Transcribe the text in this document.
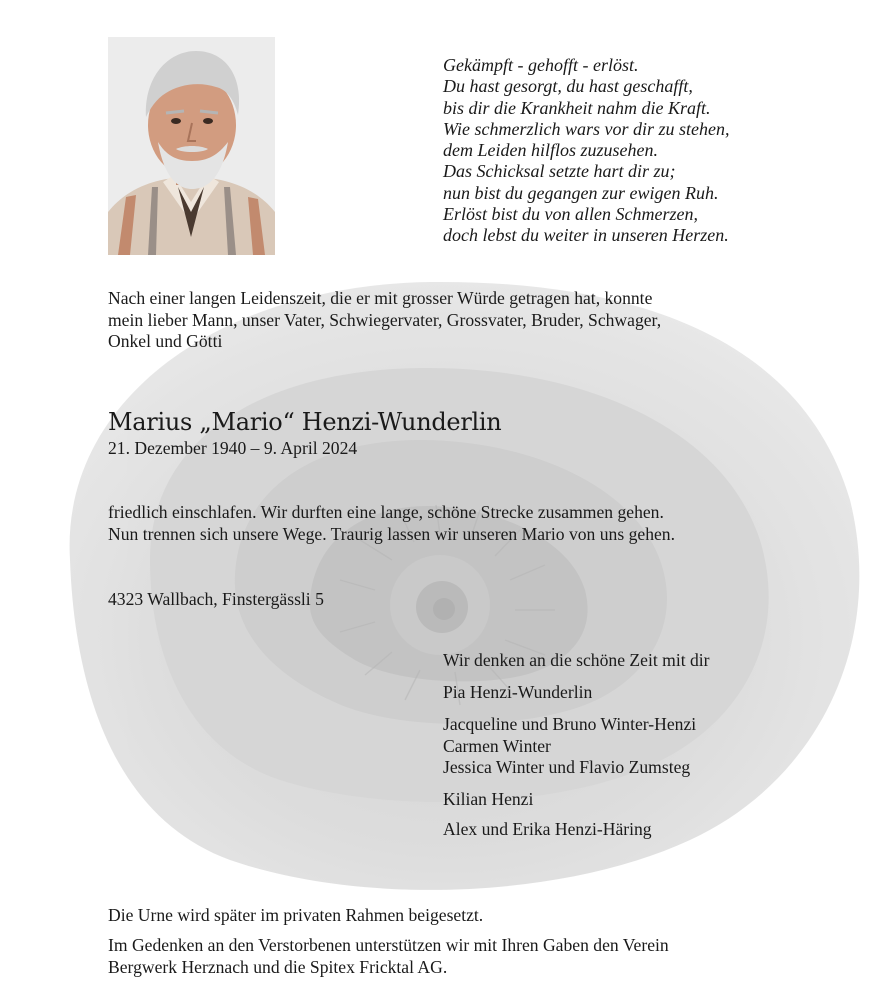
Gekämpft - gehofft - erlöst.
Du hast gesorgt, du hast geschafft,
bis dir die Krankheit nahm die Kraft.
Wie schmerzlich wars vor dir zu stehen,
dem Leiden hilflos zuzusehen.
Das Schicksal setzte hart dir zu;
nun bist du gegangen zur ewigen Ruh.
Erlöst bist du von allen Schmerzen,
doch lebst du weiter in unseren Herzen.
Nach einer langen Leidenszeit, die er mit grosser Würde getragen hat, konnte
mein lieber Mann, unser Vater, Schwiegervater, Grossvater, Bruder, Schwager,
Onkel und Götti
Marius „Mario“ Henzi-Wunderlin
21. Dezember 1940 – 9. April 2024
friedlich einschlafen. Wir durften eine lange, schöne Strecke zusammen gehen.
Nun trennen sich unsere Wege. Traurig lassen wir unseren Mario von uns gehen.
4323 Wallbach, Finstergässli 5
Wir denken an die schöne Zeit mit dir
Pia Henzi-Wunderlin
Jacqueline und Bruno Winter-Henzi
Carmen Winter
Jessica Winter und Flavio Zumsteg
Kilian Henzi
Alex und Erika Henzi-Häring
Die Urne wird später im privaten Rahmen beigesetzt.
Im Gedenken an den Verstorbenen unterstützen wir mit Ihren Gaben den Verein
Bergwerk Herznach und die Spitex Fricktal AG.
